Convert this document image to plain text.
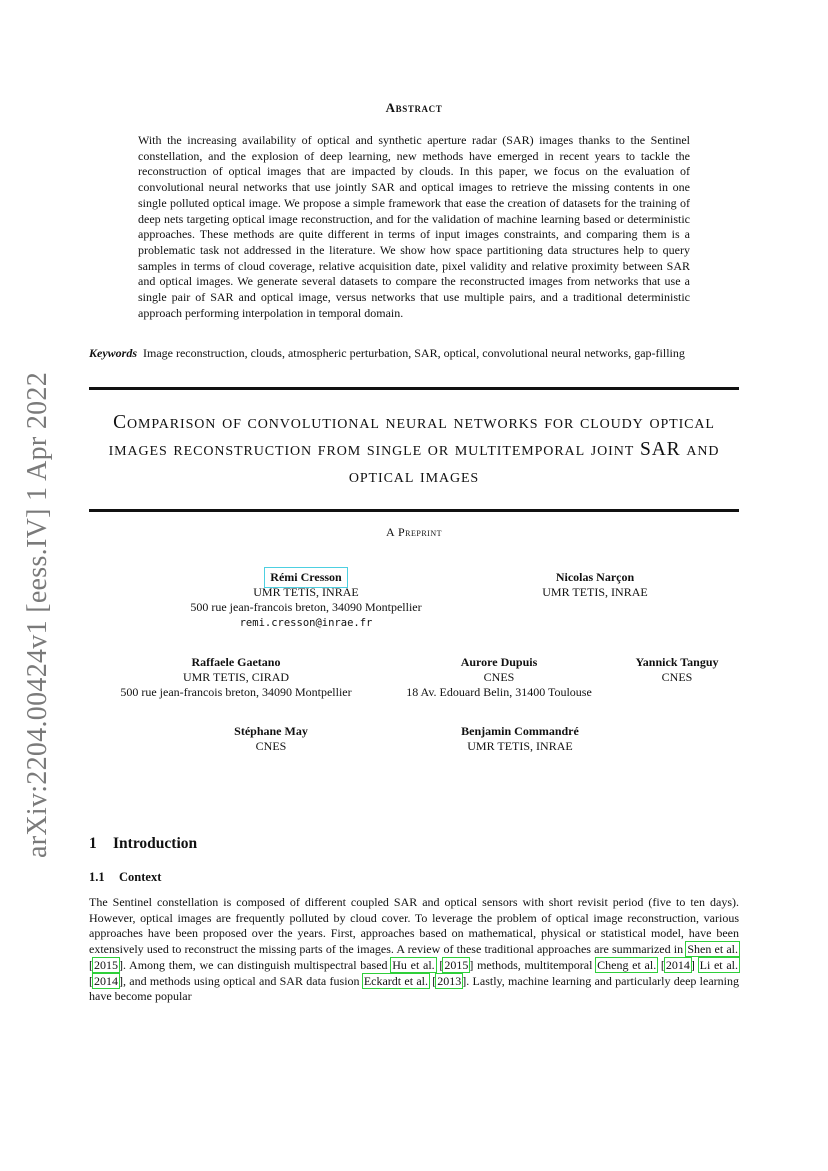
arXiv:2204.00424v1 [eess.IV] 1 Apr 2022
Abstract

With the increasing availability of optical and synthetic aperture radar (SAR) images thanks to the Sentinel constellation, and the explosion of deep learning, new methods have emerged in recent years to tackle the reconstruction of optical images that are impacted by clouds. In this paper, we focus on the evaluation of convolutional neural networks that use jointly SAR and optical images to retrieve the missing contents in one single polluted optical image. We propose a simple framework that ease the creation of datasets for the training of deep nets targeting optical image reconstruction, and for the validation of machine learning based or deterministic approaches. These methods are quite different in terms of input images constraints, and comparing them is a problematic task not addressed in the literature. We show how space partitioning data structures help to query samples in terms of cloud coverage, relative acquisition date, pixel validity and relative proximity between SAR and optical images. We generate several datasets to compare the reconstructed images from networks that use a single pair of SAR and optical image, versus networks that use multiple pairs, and a traditional deterministic approach performing interpolation in temporal domain.

Keywords Image reconstruction, clouds, atmospheric perturbation, SAR, optical, convolutional neural networks, gap-filling
Comparison of convolutional neural networks for cloudy optical images reconstruction from single or multitemporal joint SAR and optical images
A Preprint
Rémi Cresson
UMR TETIS, INRAE
500 rue jean-francois breton, 34090 Montpellier
remi.cresson@inrae.fr
Nicolas Narçon
UMR TETIS, INRAE
Raffaele Gaetano
UMR TETIS, CIRAD
500 rue jean-francois breton, 34090 Montpellier
Aurore Dupuis
CNES
18 Av. Edouard Belin, 31400 Toulouse
Yannick Tanguy
CNES
Stéphane May
CNES
Benjamin Commandré
UMR TETIS, INRAE
1 Introduction
1.1 Context

The Sentinel constellation is composed of different coupled SAR and optical sensors with short revisit period (five to ten days). However, optical images are frequently polluted by cloud cover. To leverage the problem of optical image reconstruction, various approaches have been proposed over the years. First, approaches based on mathematical, physical or statistical model, have been extensively used to reconstruct the missing parts of the images. A review of these traditional approaches are summarized in Shen et al. [2015]. Among them, we can distinguish multispectral based Hu et al. [2015] methods, multitemporal Cheng et al. [2014] Li et al. [2014], and methods using optical and SAR data fusion Eckardt et al. [2013]. Lastly, machine learning and particularly deep learning have become popular
